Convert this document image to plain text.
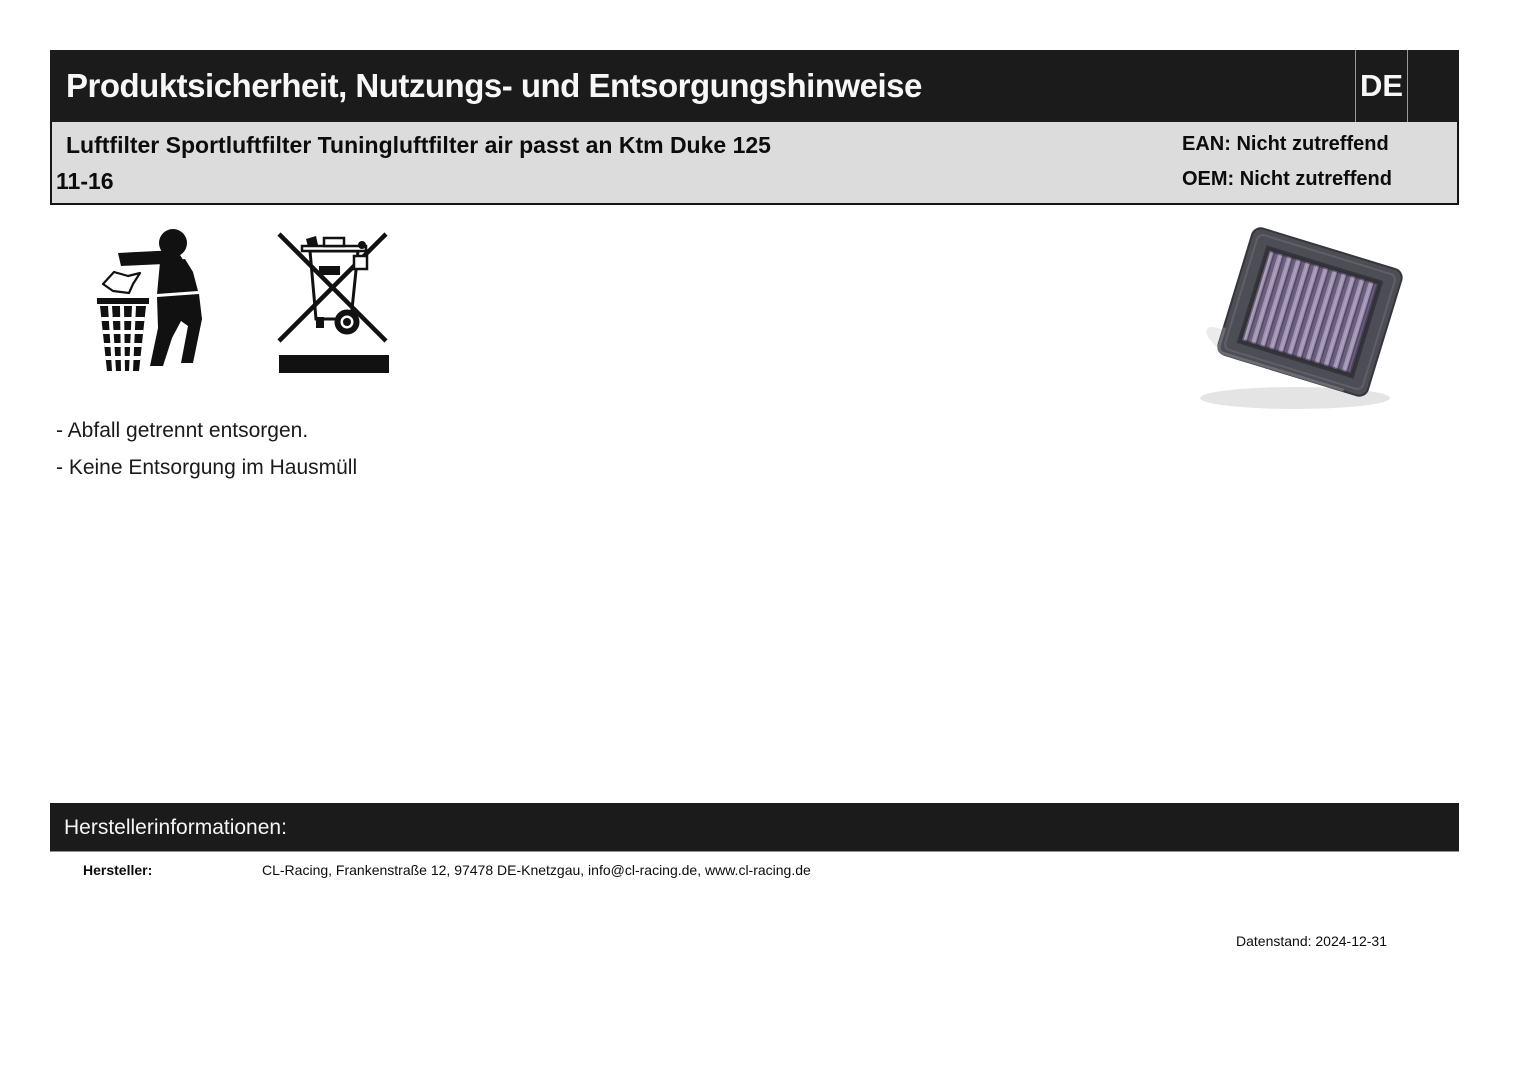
Produktsicherheit, Nutzungs- und Entsorgungshinweise	DE
Luftfilter Sportluftfilter Tuningluftfilter air passt an Ktm Duke 125
11-16
EAN: Nicht zutreffend
OEM: Nicht zutreffend
- Abfall getrennt entsorgen.
- Keine Entsorgung im Hausmüll
Herstellerinformationen:
Hersteller:	CL-Racing, Frankenstraße 12, 97478 DE-Knetzgau, info@cl-racing.de, www.cl-racing.de
Datenstand: 2024-12-31
